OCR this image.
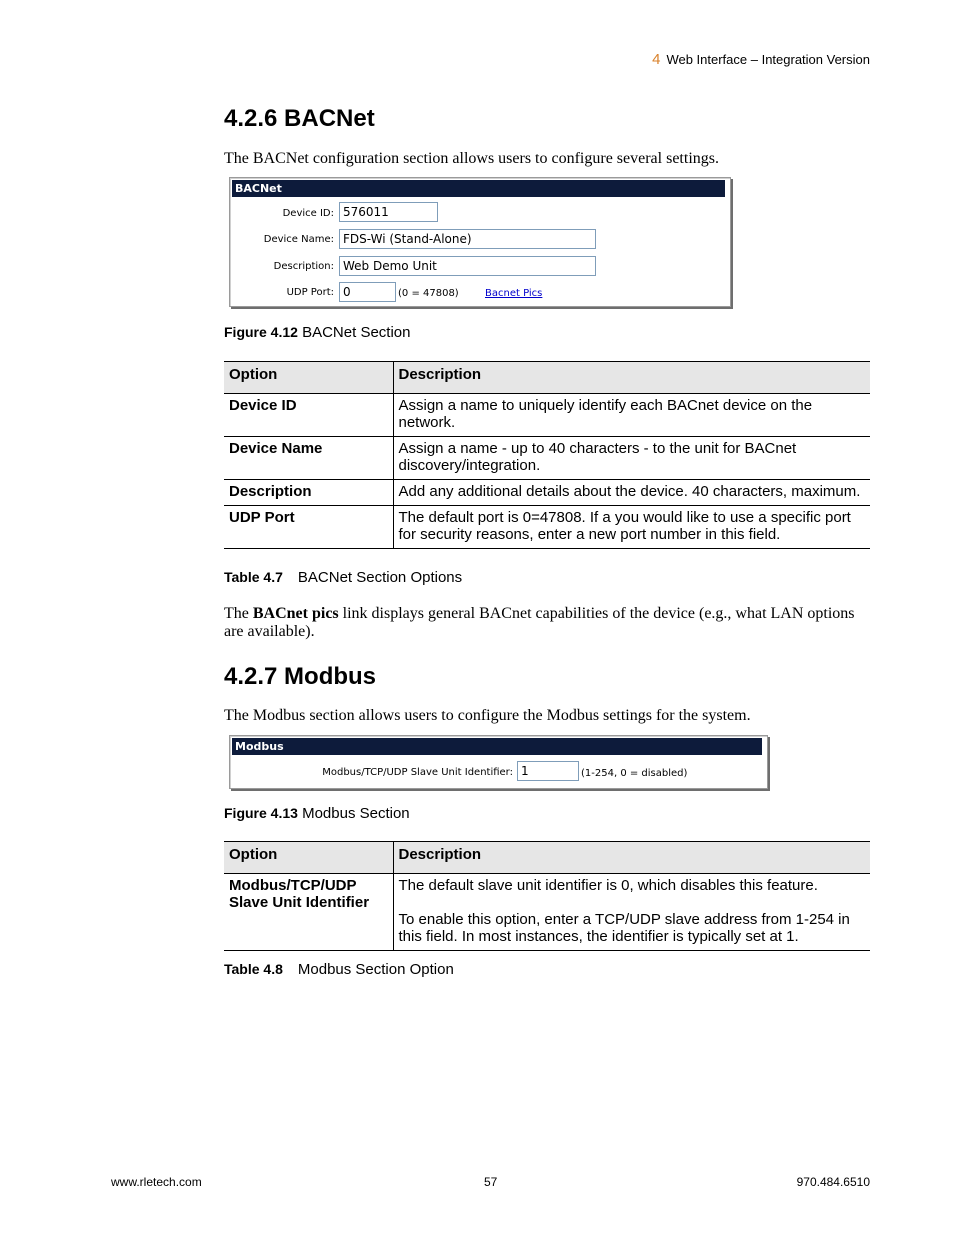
4 Web Interface – Integration Version
4.2.6 BACNet
The BACNet configuration section allows users to configure several settings.
BACNet
Device ID: 576011
Device Name: FDS-Wi (Stand-Alone)
Description: Web Demo Unit
UDP Port: 0	(0 = 47808)	Bacnet Pics
Figure 4.12 BACNet Section
Option	Description
Device ID	Assign a name to uniquely identify each BACnet device on the network.
Device Name	Assign a name - up to 40 characters - to the unit for BACnet discovery/integration.
Description	Add any additional details about the device. 40 characters, maximum.
UDP Port	The default port is 0=47808. If a you would like to use a specific port for security reasons, enter a new port number in this field.
Table 4.7 BACNet Section Options
The BACnet pics link displays general BACnet capabilities of the device (e.g., what LAN options are available).
4.2.7 Modbus
The Modbus section allows users to configure the Modbus settings for the system.
Modbus
Modbus/TCP/UDP Slave Unit Identifier: 1	(1-254, 0 = disabled)
Figure 4.13 Modbus Section
Option	Description
Modbus/TCP/UDP Slave Unit Identifier	The default slave unit identifier is 0, which disables this feature.
To enable this option, enter a TCP/UDP slave address from 1-254 in this field. In most instances, the identifier is typically set at 1.
Table 4.8 Modbus Section Option
www.rletech.com	57	970.484.6510
